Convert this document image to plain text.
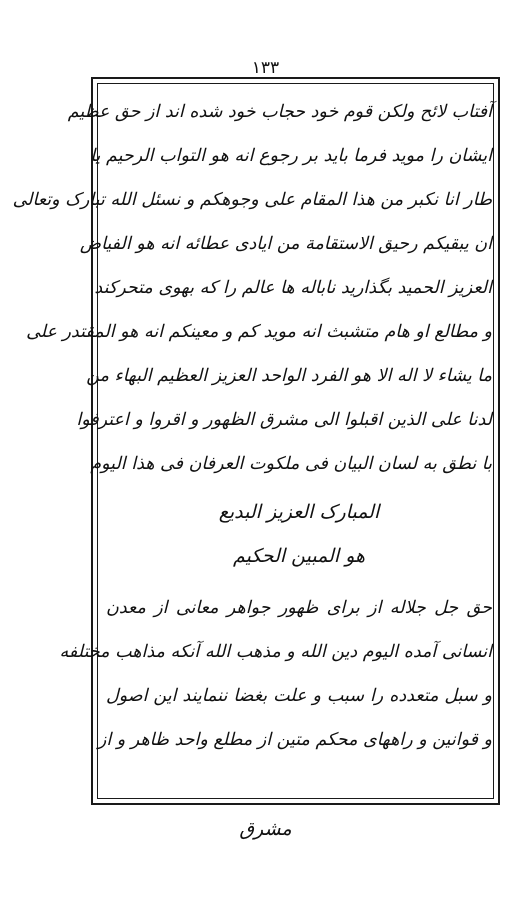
۱۳۳
آفتاب لائح ولکن قوم خود حجاب خود شده اند از حق عظیم
ایشان را موید فرما باید بر رجوع انه هو التواب الرحیم یا
طار انا نکبر من هذا المقام علی وجوهکم و نسئل الله تبارک وتعالی
ان یبقیکم رحیق الاستقامة من ایادی عطائه انه هو الفیاض
العزیز الحمید بگذارید ناباله ها عالم را که بهوی متحرکند
و مطالع او هام متشبث انه موید کم و معینکم انه هو المقتدر علی
ما یشاء لا اله الا هو الفرد الواحد العزیز العظیم البهاء من
لدنا علی الذین اقبلوا الی مشرق الظهور و اقروا و اعترفوا
با نطق به لسان البیان فی ملکوت العرفان فی هذا الیوم
المبارک العزیز البدیع
هو المبین الحکیم
حق جل جلاله از برای ظهور جواهر معانی از معدن
انسانی آمده الیوم دین الله و مذهب الله آنکه مذاهب مختلفه
و سبل متعدده را سبب و علت بغضا ننمایند این اصول
و قوانین و راههای محکم متین از مطلع واحد ظاهر و از
مشرق
